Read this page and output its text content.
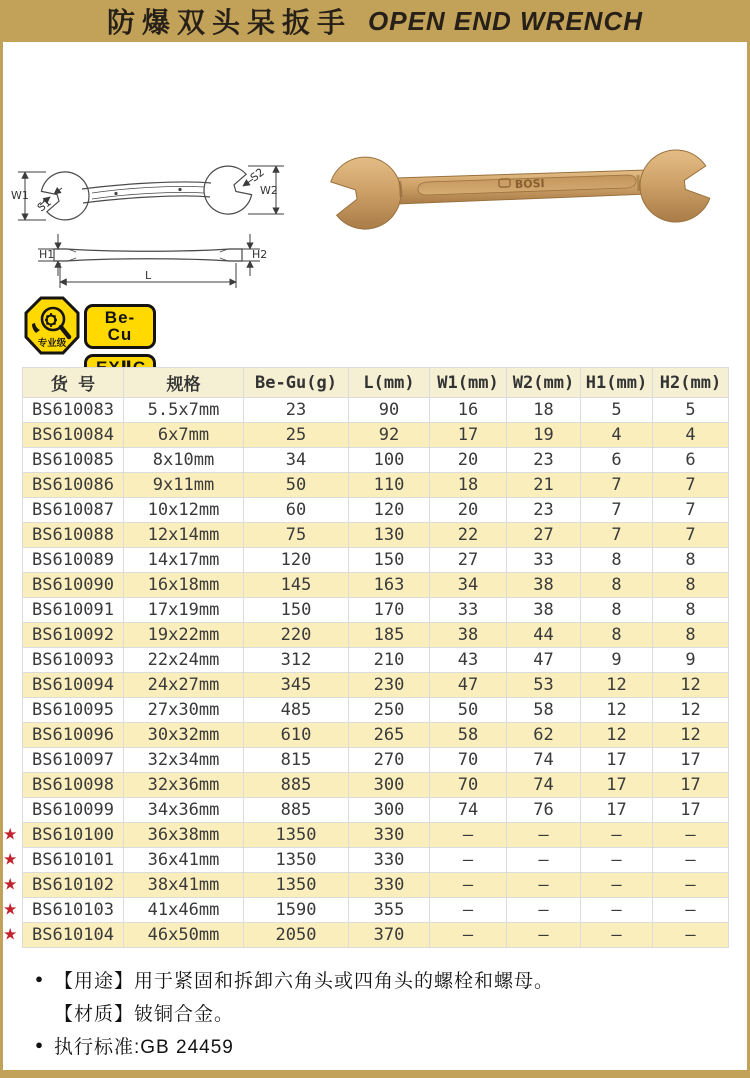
防爆双头呆扳手 OPEN END WRENCH
W1
S1
S2
W2
H1	H2
L
BOSI
专业级
Be-Cu
货 号	规格	Be-Gu(g)	L(mm)	W1(mm)	W2(mm)	H1(mm)	H2(mm)
BS610083	5.5x7mm	23	90	16	18	5	5
BS610084	6x7mm	25	92	17	19	4	4
BS610085	8x10mm	34	100	20	23	6	6
BS610086	9x11mm	50	110	18	21	7	7
BS610087	10x12mm	60	120	20	23	7	7
BS610088	12x14mm	75	130	22	27	7	7
BS610089	14x17mm	120	150	27	33	8	8
BS610090	16x18mm	145	163	34	38	8	8
BS610091	17x19mm	150	170	33	38	8	8
BS610092	19x22mm	220	185	38	44	8	8
BS610093	22x24mm	312	210	43	47	9	9
BS610094	24x27mm	345	230	47	53	12	12
BS610095	27x30mm	485	250	50	58	12	12
BS610096	30x32mm	610	265	58	62	12	12
BS610097	32x34mm	815	270	70	74	17	17
BS610098	32x36mm	885	300	70	74	17	17
BS610099	34x36mm	885	300	74	76	17	17

★ BS610100	36x38mm	1350	330	–	–	–	–

★ BS610101	36x41mm	1350	330	–	–	–	–

★ BS610102	38x41mm	1350	330	–	–	–	–

★ BS610103	41x46mm	1590	355	–	–	–	–

★ BS610104	46x50mm	2050	370	–	–	–	–
● 【用途】用于紧固和拆卸六角头或四角头的螺栓和螺母。
【材质】铍铜合金。
● 执行标准:GB 24459
